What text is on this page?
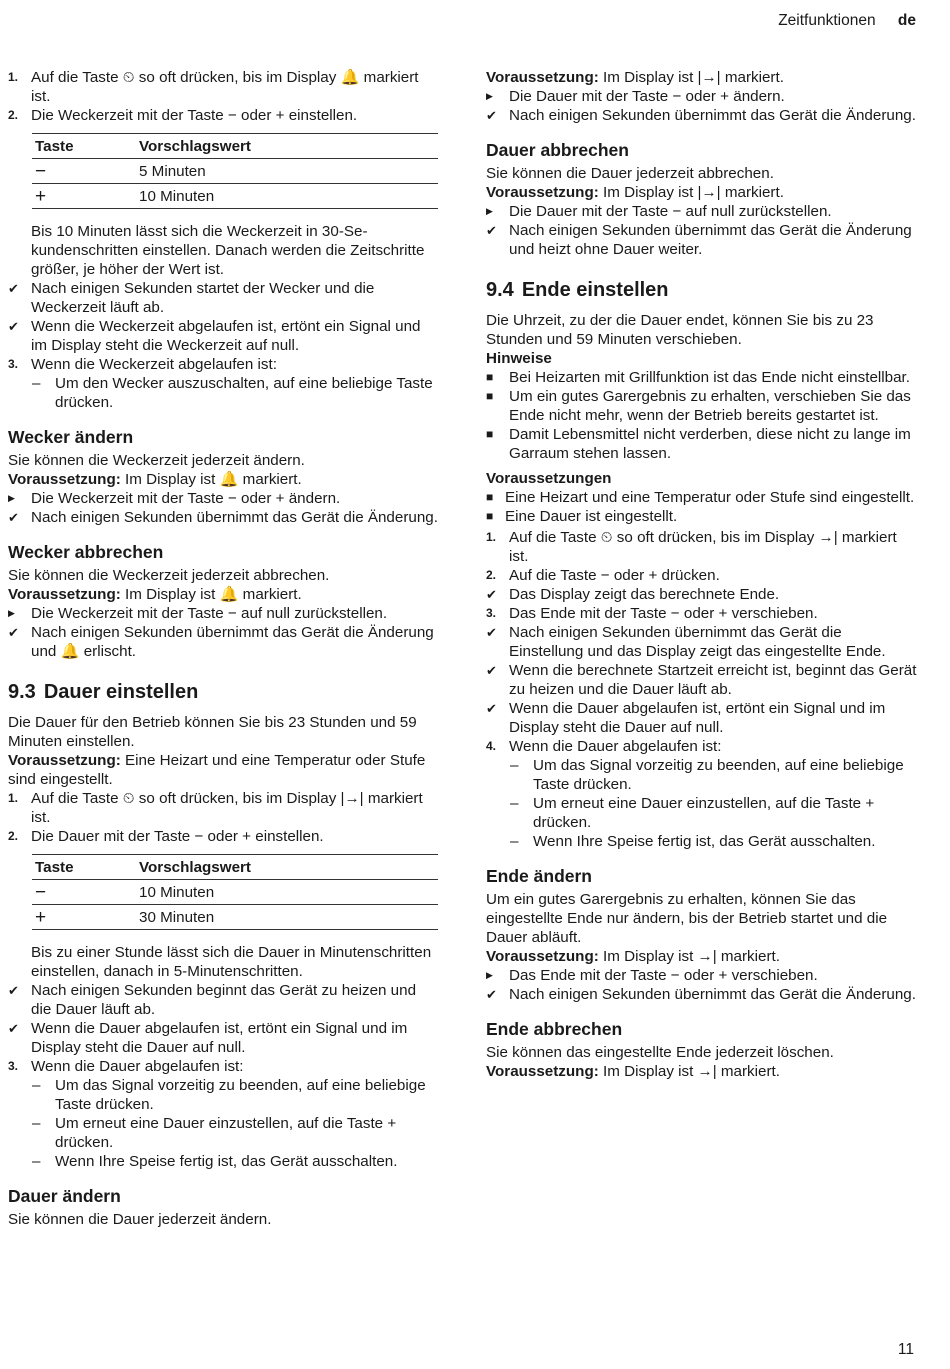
Zeitfunktionen de

1. Auf die Taste ⏲ so oft drücken, bis im Display 🔔 markiert ist.

2. Die Weckerzeit mit der Taste − oder + einstellen.

Taste	Vorschlagswert
−	5 Minuten
+	10 Minuten

Bis 10 Minuten lässt sich die Weckerzeit in 30-Sekundenschritten einstellen. Danach werden die Zeitschritte größer, je höher der Wert ist.

✔ Nach einigen Sekunden startet der Wecker und die Weckerzeit läuft ab.

✔ Wenn die Weckerzeit abgelaufen ist, ertönt ein Signal und im Display steht die Weckerzeit auf null.

3. Wenn die Weckerzeit abgelaufen ist:

– Um den Wecker auszuschalten, auf eine beliebige Taste drücken.

Wecker ändern

Sie können die Weckerzeit jederzeit ändern.

Voraussetzung: Im Display ist 🔔 markiert.

▶ Die Weckerzeit mit der Taste − oder + ändern.

✔ Nach einigen Sekunden übernimmt das Gerät die Änderung.

Wecker abbrechen

Sie können die Weckerzeit jederzeit abbrechen.

Voraussetzung: Im Display ist 🔔 markiert.

▶ Die Weckerzeit mit der Taste − auf null zurückstellen.

✔ Nach einigen Sekunden übernimmt das Gerät die Änderung und 🔔 erlischt.

9.3 Dauer einstellen

Die Dauer für den Betrieb können Sie bis 23 Stunden und 59 Minuten einstellen.

Voraussetzung: Eine Heizart und eine Temperatur oder Stufe sind eingestellt.

1. Auf die Taste ⏲ so oft drücken, bis im Display |→| markiert ist.

2. Die Dauer mit der Taste − oder + einstellen.

Taste	Vorschlagswert
−	10 Minuten
+	30 Minuten

Bis zu einer Stunde lässt sich die Dauer in Minutenschritten einstellen, danach in 5-Minutenschritten.

✔ Nach einigen Sekunden beginnt das Gerät zu heizen und die Dauer läuft ab.

✔ Wenn die Dauer abgelaufen ist, ertönt ein Signal und im Display steht die Dauer auf null.

3. Wenn die Dauer abgelaufen ist:

– Um das Signal vorzeitig zu beenden, auf eine beliebige Taste drücken.

– Um erneut eine Dauer einzustellen, auf die Taste + drücken.

– Wenn Ihre Speise fertig ist, das Gerät ausschalten.

Dauer ändern

Sie können die Dauer jederzeit ändern.

Voraussetzung: Im Display ist |→| markiert.

▶ Die Dauer mit der Taste − oder + ändern.

✔ Nach einigen Sekunden übernimmt das Gerät die Änderung.

Dauer abbrechen

Sie können die Dauer jederzeit abbrechen.

Voraussetzung: Im Display ist |→| markiert.

▶ Die Dauer mit der Taste − auf null zurückstellen.

✔ Nach einigen Sekunden übernimmt das Gerät die Änderung und heizt ohne Dauer weiter.

9.4 Ende einstellen

Die Uhrzeit, zu der die Dauer endet, können Sie bis zu 23 Stunden und 59 Minuten verschieben.

Hinweise

■ Bei Heizarten mit Grillfunktion ist das Ende nicht einstellbar.

■ Um ein gutes Garergebnis zu erhalten, verschieben Sie das Ende nicht mehr, wenn der Betrieb bereits gestartet ist.

■ Damit Lebensmittel nicht verderben, diese nicht zu lange im Garraum stehen lassen.

Voraussetzungen

■ Eine Heizart und eine Temperatur oder Stufe sind eingestellt.

■ Eine Dauer ist eingestellt.

1. Auf die Taste ⏲ so oft drücken, bis im Display →| markiert ist.

2. Auf die Taste − oder + drücken.

✔ Das Display zeigt das berechnete Ende.

3. Das Ende mit der Taste − oder + verschieben.

✔ Nach einigen Sekunden übernimmt das Gerät die Einstellung und das Display zeigt das eingestellte Ende.

✔ Wenn die berechnete Startzeit erreicht ist, beginnt das Gerät zu heizen und die Dauer läuft ab.

✔ Wenn die Dauer abgelaufen ist, ertönt ein Signal und im Display steht die Dauer auf null.

4. Wenn die Dauer abgelaufen ist:

– Um das Signal vorzeitig zu beenden, auf eine beliebige Taste drücken.

– Um erneut eine Dauer einzustellen, auf die Taste + drücken.

– Wenn Ihre Speise fertig ist, das Gerät ausschalten.

Ende ändern

Um ein gutes Garergebnis zu erhalten, können Sie das eingestellte Ende nur ändern, bis der Betrieb startet und die Dauer abläuft.

Voraussetzung: Im Display ist →| markiert.

▶ Das Ende mit der Taste − oder + verschieben.

✔ Nach einigen Sekunden übernimmt das Gerät die Änderung.

Ende abbrechen

Sie können das eingestellte Ende jederzeit löschen.

Voraussetzung: Im Display ist →| markiert.

11
